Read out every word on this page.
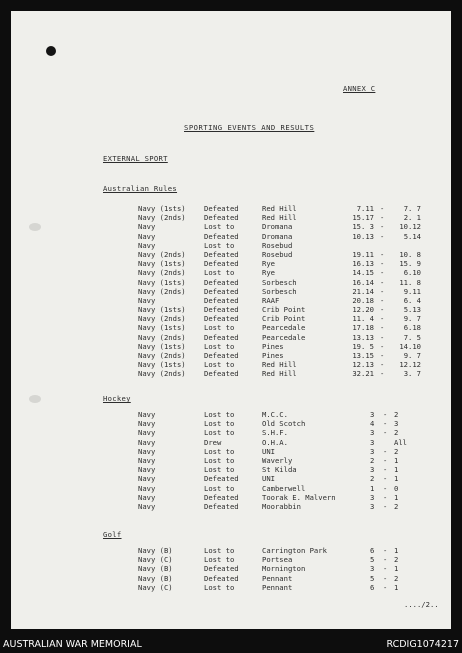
ANNEX C
SPORTING EVENTS AND RESULTS
EXTERNAL SPORT
Australian Rules
Navy (1sts)	Defeated	Red Hill	7.11	7. 7
-
Navy (2nds)	Defeated	Red Hill	15.17	2. 1
-
Navy	Lost to	Dromana	15. 3	10.12
-
Navy	Defeated	Dromana	10.13	5.14
-
Navy	Lost to	Rosebud
Navy (2nds)	Defeated	Rosebud	19.11	10. 8
-
Navy (1sts)	Defeated	Rye	16.13	15. 9
-
Navy (2nds)	Lost to	Rye	14.15	6.10
-
Navy (1sts)	Defeated	Sorbesch	16.14	11. 8
-
Navy (2nds)	Defeated	Sorbesch	21.14	9.11
-
Navy	Defeated	RAAF	20.18	6. 4
-
Navy (1sts)	Defeated	Crib Point	12.20	5.13
-
Navy (2nds)	Defeated	Crib Point	11. 4	9. 7
-
Navy (1sts)	Lost to	Pearcedale	17.18	6.18
-
Navy (2nds)	Defeated	Pearcedale	13.13	7. 5
-
Navy (1sts)	Lost to	Pines	19. 5	14.10
-
Navy (2nds)	Defeated	Pines	13.15	9. 7
-
Navy (1sts)	Lost to	Red Hill	12.13	12.12
-
Navy (2nds)	Defeated	Red Hill	32.21	3. 7
-
Hockey
Navy	Lost to	M.C.C.	3	2
-
Navy	Lost to	Old Scotch	4	3
-
Navy	Lost to	S.H.F.	3	2
-
Navy	Drew	O.H.A.	3	All
Navy	Lost to	UNI	3	2
-
Navy	Lost to	Waverly	2	1
-
Navy	Lost to	St Kilda	3	1
-
Navy	Defeated	UNI	2	1
-
Navy	Lost to	Camberwell	1	0
-
Navy	Defeated	Toorak E. Malvern	3	1
-
Navy	Defeated	Moorabbin	3	2
-
Golf
Navy (B)	Lost to	Carrington Park	6	1
-
Navy (C)	Lost to	Portsea	5	2
-
Navy (B)	Defeated	Mornington	3	1
-
Navy (B)	Defeated	Pennant	5	2
-
Navy (C)	Lost to	Pennant	6	1
-
..../2..
AUSTRALIAN WAR MEMORIAL	RCDIG1074217
